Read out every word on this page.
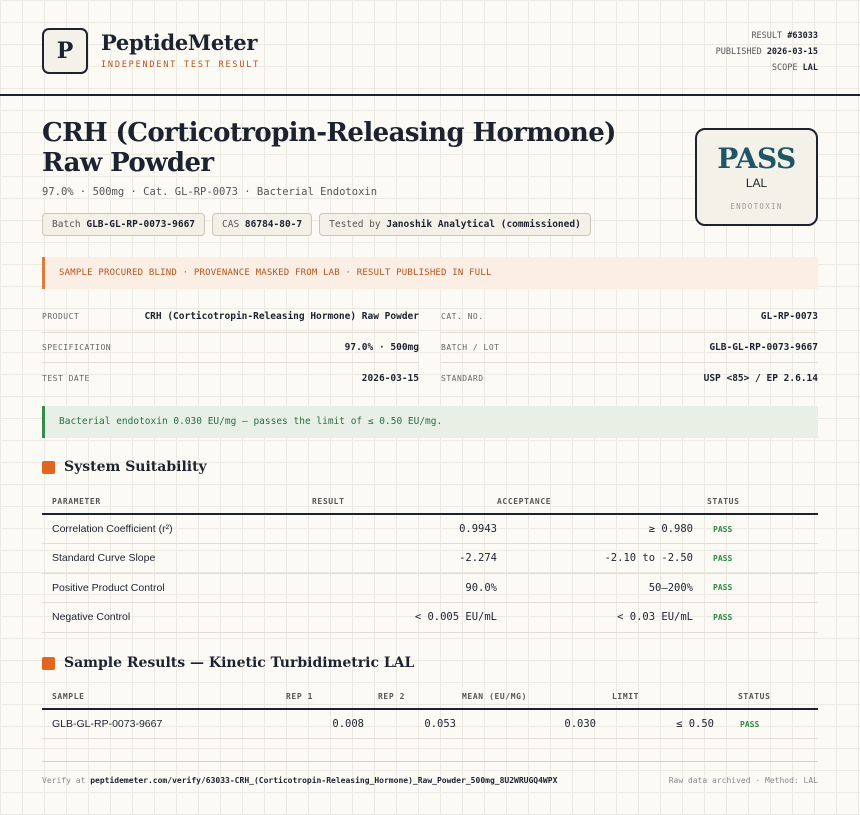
P	PeptideMeter
INDEPENDENT TEST RESULT
RESULT #63033
PUBLISHED 2026-03-15
SCOPE LAL
CRH (Corticotropin-Releasing Hormone) Raw Powder
97.0% · 500mg · Cat. GL-RP-0073 · Bacterial Endotoxin
Batch GLB-GL-RP-0073-9667	CAS 86784-80-7	Tested by Janoshik Analytical (commissioned)
PASS
LAL
ENDOTOXIN
SAMPLE PROCURED BLIND · PROVENANCE MASKED FROM LAB · RESULT PUBLISHED IN FULL
PRODUCT	CRH (Corticotropin-Releasing Hormone) Raw Powder
SPECIFICATION	97.0% · 500mg
TEST DATE	2026-03-15
CAT. NO.	GL-RP-0073
BATCH / LOT	GLB-GL-RP-0073-9667
STANDARD	USP <85> / EP 2.6.14
Bacterial endotoxin 0.030 EU/mg — passes the limit of ≤ 0.50 EU/mg.
System Suitability
PARAMETER	RESULT	ACCEPTANCE	STATUS
Correlation Coefficient (r²)	0.9943	≥ 0.980	PASS
Standard Curve Slope	-2.274	-2.10 to -2.50	PASS
Positive Product Control	90.0%	50–200%	PASS
Negative Control	< 0.005 EU/mL	< 0.03 EU/mL	PASS
Sample Results — Kinetic Turbidimetric LAL
SAMPLE	REP 1	REP 2	MEAN (EU/MG)	LIMIT	STATUS
GLB-GL-RP-0073-9667	0.008	0.053	0.030	≤ 0.50	PASS
Verify at peptidemeter.com/verify/63033-CRH_(Corticotropin-Releasing_Hormone)_Raw_Powder_500mg_8U2WRUGQ4WPX	Raw data archived · Method: LAL
